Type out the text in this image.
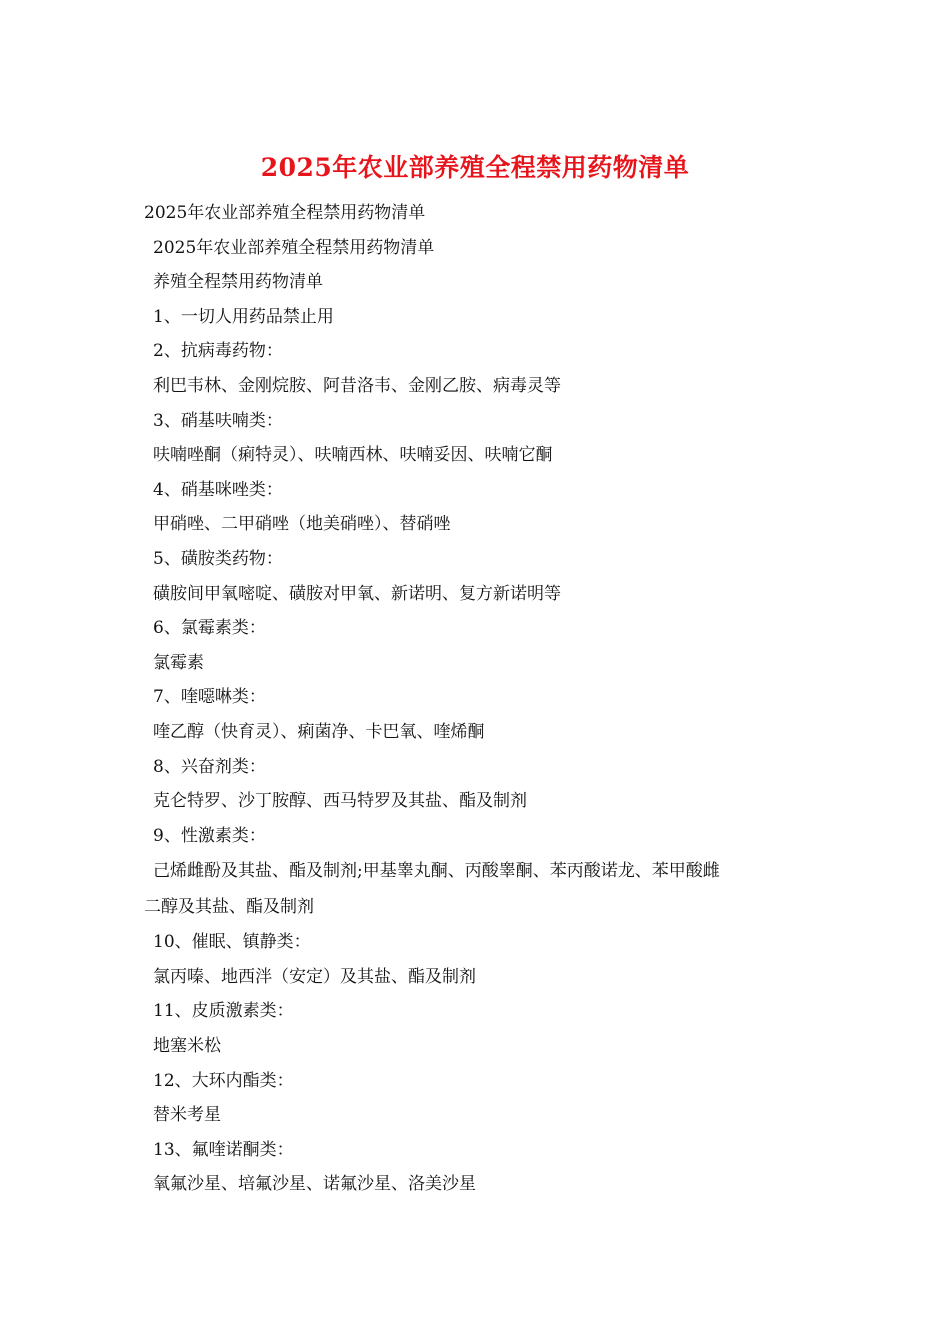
2025年农业部养殖全程禁用药物清单
2025年农业部养殖全程禁用药物清单
2025年农业部养殖全程禁用药物清单
养殖全程禁用药物清单
1、一切人用药品禁止用
2、抗病毒药物：
利巴韦林、金刚烷胺、阿昔洛韦、金刚乙胺、病毒灵等
3、硝基呋喃类：
呋喃唑酮（痢特灵）、呋喃西林、呋喃妥因、呋喃它酮
4、硝基咪唑类：
甲硝唑、二甲硝唑（地美硝唑）、替硝唑
5、磺胺类药物：
磺胺间甲氧嘧啶、磺胺对甲氧、新诺明、复方新诺明等
6、氯霉素类：
氯霉素
7、喹噁啉类：
喹乙醇（快育灵）、痢菌净、卡巴氧、喹烯酮
8、兴奋剂类：
克仑特罗、沙丁胺醇、西马特罗及其盐、酯及制剂
9、性激素类：
己烯雌酚及其盐、酯及制剂;甲基睾丸酮、丙酸睾酮、苯丙酸诺龙、苯甲酸雌
二醇及其盐、酯及制剂
10、催眠、镇静类：
氯丙嗪、地西泮（安定）及其盐、酯及制剂
11、皮质激素类：
地塞米松
12、大环内酯类：
替米考星
13、氟喹诺酮类：
氧氟沙星、培氟沙星、诺氟沙星、洛美沙星
